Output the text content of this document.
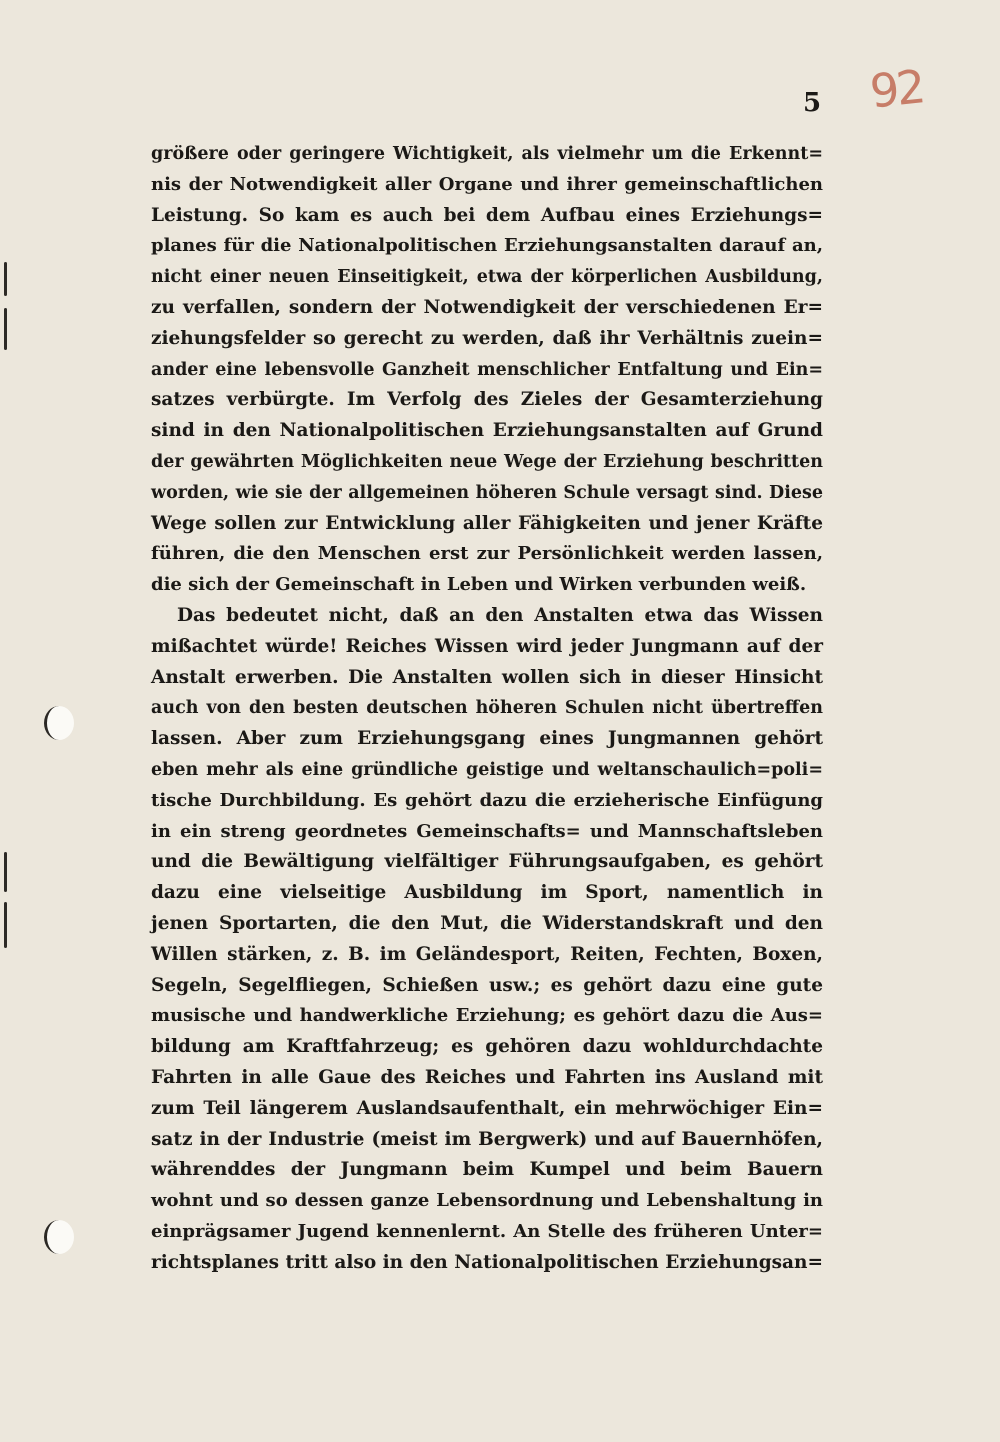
92
5
größere oder geringere Wichtigkeit, als vielmehr um die Erkennt=
nis der Notwendigkeit aller Organe und ihrer gemeinschaftlichen
Leistung. So kam es auch bei dem Aufbau eines Erziehungs=
planes für die Nationalpolitischen Erziehungsanstalten darauf an,
nicht einer neuen Einseitigkeit, etwa der körperlichen Ausbildung,
zu verfallen, sondern der Notwendigkeit der verschiedenen Er=
ziehungsfelder so gerecht zu werden, daß ihr Verhältnis zuein=
ander eine lebensvolle Ganzheit menschlicher Entfaltung und Ein=
satzes verbürgte. Im Verfolg des Zieles der Gesamterziehung
sind in den Nationalpolitischen Erziehungsanstalten auf Grund
der gewährten Möglichkeiten neue Wege der Erziehung beschritten
worden, wie sie der allgemeinen höheren Schule versagt sind. Diese
Wege sollen zur Entwicklung aller Fähigkeiten und jener Kräfte
führen, die den Menschen erst zur Persönlichkeit werden lassen,
die sich der Gemeinschaft in Leben und Wirken verbunden weiß.
Das bedeutet nicht, daß an den Anstalten etwa das Wissen
mißachtet würde! Reiches Wissen wird jeder Jungmann auf der
Anstalt erwerben. Die Anstalten wollen sich in dieser Hinsicht
auch von den besten deutschen höheren Schulen nicht übertreffen
lassen. Aber zum Erziehungsgang eines Jungmannen gehört
eben mehr als eine gründliche geistige und weltanschaulich=poli=
tische Durchbildung. Es gehört dazu die erzieherische Einfügung
in ein streng geordnetes Gemeinschafts= und Mannschaftsleben
und die Bewältigung vielfältiger Führungsaufgaben, es gehört
dazu eine vielseitige Ausbildung im Sport, namentlich in
jenen Sportarten, die den Mut, die Widerstandskraft und den
Willen stärken, z. B. im Geländesport, Reiten, Fechten, Boxen,
Segeln, Segelfliegen, Schießen usw.; es gehört dazu eine gute
musische und handwerkliche Erziehung; es gehört dazu die Aus=
bildung am Kraftfahrzeug; es gehören dazu wohldurchdachte
Fahrten in alle Gaue des Reiches und Fahrten ins Ausland mit
zum Teil längerem Auslandsaufenthalt, ein mehrwöchiger Ein=
satz in der Industrie (meist im Bergwerk) und auf Bauernhöfen,
währenddes der Jungmann beim Kumpel und beim Bauern
wohnt und so dessen ganze Lebensordnung und Lebenshaltung in
einprägsamer Jugend kennenlernt. An Stelle des früheren Unter=
richtsplanes tritt also in den Nationalpolitischen Erziehungsan=
